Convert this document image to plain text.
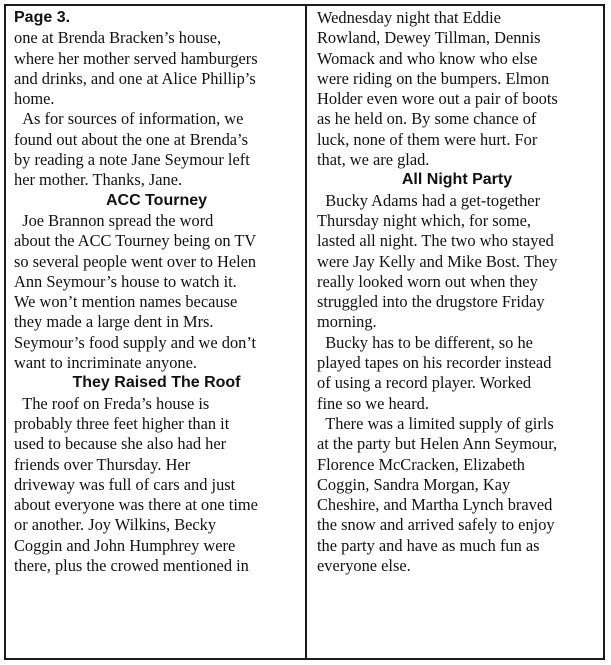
Page 3.
one at Brenda Bracken’s house,
where her mother served hamburgers
and drinks, and one at Alice Phillip’s
home.
As for sources of information, we
found out about the one at Brenda’s
by reading a note Jane Seymour left
her mother. Thanks, Jane.
ACC Tourney
Joe Brannon spread the word
about the ACC Tourney being on TV
so several people went over to Helen
Ann Seymour’s house to watch it.
We won’t mention names because
they made a large dent in Mrs.
Seymour’s food supply and we don’t
want to incriminate anyone.
They Raised The Roof
The roof on Freda’s house is
probably three feet higher than it
used to because she also had her
friends over Thursday. Her
driveway was full of cars and just
about everyone was there at one time
or another. Joy Wilkins, Becky
Coggin and John Humphrey were
there, plus the crowed mentioned in
Wednesday night that Eddie
Rowland, Dewey Tillman, Dennis
Womack and who know who else
were riding on the bumpers. Elmon
Holder even wore out a pair of boots
as he held on. By some chance of
luck, none of them were hurt. For
that, we are glad.
All Night Party
Bucky Adams had a get-together
Thursday night which, for some,
lasted all night. The two who stayed
were Jay Kelly and Mike Bost. They
really looked worn out when they
struggled into the drugstore Friday
morning.
Bucky has to be different, so he
played tapes on his recorder instead
of using a record player. Worked
fine so we heard.
There was a limited supply of girls
at the party but Helen Ann Seymour,
Florence McCracken, Elizabeth
Coggin, Sandra Morgan, Kay
Cheshire, and Martha Lynch braved
the snow and arrived safely to enjoy
the party and have as much fun as
everyone else.
